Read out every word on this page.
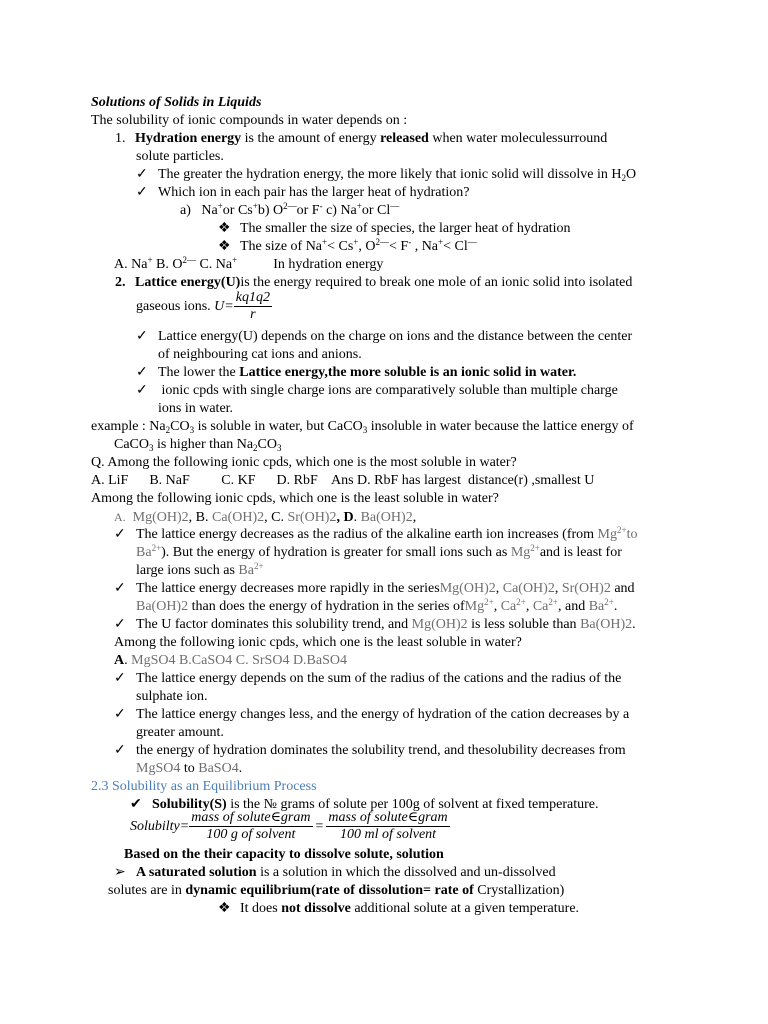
Solutions of Solids in Liquids
The solubility of ionic compounds in water depends on :
1. Hydration energy is the amount of energy released when water moleculessurround
solute particles.
✓ The greater the hydration energy, the more likely that ionic solid will dissolve in $H_2O$
✓ Which ion in each pair has the larger heat of hydration?
a) Na+or Cs+b) $O^{2—}or$ F- c) Na+or Cl—
❖ The smaller the size of species, the larger heat of hydration
❖ The size of Na+< Cs+, $O^{2—}< F^-$ , Na+< Cl—
A. Na+ B. $O^{2—}$ C. Na+	In hydration energy
2. Lattice energy(U)is the energy required to break one mole of an ionic solid into isolated
gaseous ions. $U= \frac{kq1q2}{r}$
✓ Lattice energy(U) depends on the charge on ions and the distance between the center
of neighbouring cat ions and anions.
✓ The lower the Lattice energy,the more soluble is an ionic solid in water.
✓ ionic cpds with single charge ions are comparatively soluble than multiple charge
ions in water.
example : $Na_2CO_3$ is soluble in water, but CaCO$_3$ insoluble in water because the lattice energy of
CaCO$_3$ is higher than $Na_2CO_3$
Q. Among the following ionic cpds, which one is the most soluble in water?
A. LiF      B. NaF         C. KF      D. RbF    Ans D. RbF has largest  distance(r) ,smallest U
Among the following ionic cpds, which one is the least soluble in water?
A. Mg(OH)2, B. Ca(OH)2, C. Sr(OH)2, D. Ba(OH)2,
✓ The lattice energy decreases as the radius of the alkaline earth ion increases (from $Mg^{2+}to$
$Ba^{2+}$). But the energy of hydration is greater for small ions such as $Mg^{2+}and$ is least for
large ions such as $Ba^{2+}$
✓ The lattice energy decreases more rapidly in the seriesMg(OH)2, Ca(OH)2, Sr(OH)2 and
Ba(OH)2 than does the energy of hydration in the series ofMg$^{2+}$, $Ca^{2+}$, $Ca^{2+}$, and $Ba^{2+}$.
✓ The U factor dominates this solubility trend, and Mg(OH)2 is less soluble than Ba(OH)2.
Among the following ionic cpds, which one is the least soluble in water?
A. MgSO4 B.CaSO4 C. SrSO4 D.BaSO4
✓ The lattice energy depends on the sum of the radius of the cations and the radius of the
sulphate ion.
✓ The lattice energy changes less, and the energy of hydration of the cation decreases by a
greater amount.
✓ the energy of hydration dominates the solubility trend, and thesolubility decreases from
MgSO4 to BaSO4.
2.3 Solubility as an Equilibrium Process
✔ Solubility(S) is the № grams of solute per 100g of solvent at fixed temperature.
Solubilty= $\frac{\text{mass of solute∈gram}}{\text{100 g of solvent}} = \frac{\text{mass of solute∈gram}}{\text{100 ml of solvent}}$
Based on the their capacity to dissolve solute, solution
➢ A saturated solution is a solution in which the dissolved and un-dissolved
solutes are in dynamic equilibrium(rate of dissolution= rate of Crystallization)
❖ It does not dissolve additional solute at a given temperature.
